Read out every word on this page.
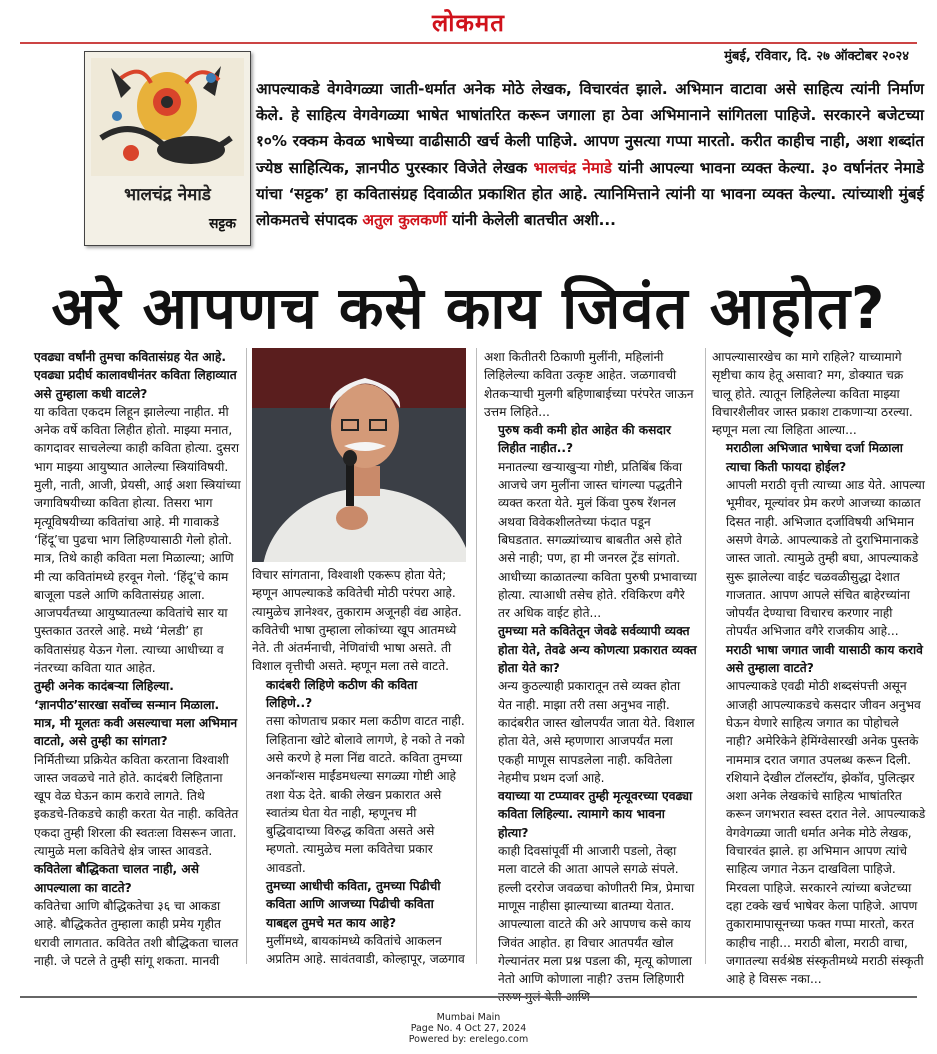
लोकमत
मुंबई, रविवार, दि. २७ ऑक्टोबर २०२४
भालचंद्र नेमाडे
सट्टक
आपल्याकडे वेगवेगळ्या जाती-धर्मात अनेक मोठे लेखक, विचारवंत झाले. अभिमान वाटावा असे साहित्य त्यांनी निर्माण केले. हे साहित्य वेगवेगळ्या भाषेत भाषांतरित करून जगाला हा ठेवा अभिमानाने सांगितला पाहिजे. सरकारने बजेटच्या १०% रक्कम केवळ भाषेच्या वाढीसाठी खर्च केली पाहिजे. आपण नुसत्या गप्पा मारतो. करीत काहीच नाही, अशा शब्दांत ज्येष्ठ साहित्यिक, ज्ञानपीठ पुरस्कार विजेते लेखक भालचंद्र नेमाडे यांनी आपल्या भावना व्यक्त केल्या. ३० वर्षानंतर नेमाडे यांचा ‘सट्टक’ हा कवितासंग्रह दिवाळीत प्रकाशित होत आहे. त्यानिमित्ताने त्यांनी या भावना व्यक्त केल्या. त्यांच्याशी मुंबई लोकमतचे संपादक अतुल कुलकर्णी यांनी केलेली बातचीत अशी...
अरे आपणच कसे काय जिवंत आहोत?

एवढ्या वर्षांनी तुमचा कवितासंग्रह येत आहे. एवढ्या प्रदीर्घ कालावधीनंतर कविता लिहाव्यात असे तुम्हाला कधी वाटले?

या कविता एकदम लिहून झालेल्या नाहीत. मी अनेक वर्षे कविता लिहीत होतो. माझ्या मनात, कागदावर साचलेल्या काही कविता होत्या. दुसरा भाग माझ्या आयुष्यात आलेल्या स्त्रियांविषयी. मुली, नाती, आजी, प्रेयसी, आई अशा स्त्रियांच्या जगाविषयीच्या कविता होत्या. तिसरा भाग मृत्यूविषयीच्या कवितांचा आहे. मी गावाकडे ‘हिंदू’चा पुढचा भाग लिहिण्यासाठी गेलो होतो. मात्र, तिथे काही कविता मला मिळाल्या; आणि मी त्या कवितांमध्ये हरवून गेलो. ‘हिंदू’चे काम बाजूला पडले आणि कवितासंग्रह आला. आजपर्यंतच्या आयुष्यातल्या कवितांचे सार या पुस्तकात उतरले आहे. मध्ये ‘मेलडी’ हा कवितासंग्रह येऊन गेला. त्याच्या आधीच्या व नंतरच्या कविता यात आहेत.

तुम्ही अनेक कादंबऱ्या लिहिल्या. ‘ज्ञानपीठ’सारखा सर्वोच्च सन्मान मिळाला. मात्र, मी मूलतः कवी असल्याचा मला अभिमान वाटतो, असे तुम्ही का सांगता?

निर्मितीच्या प्रक्रियेत कविता करताना विश्वाशी जास्त जवळचे नाते होते. कादंबरी लिहिताना खूप वेळ घेऊन काम करावे लागते. तिथे इकडचे-तिकडचे काही करता येत नाही. कवितेत एकदा तुम्ही शिरला की स्वतःला विसरून जाता. त्यामुळे मला कवितेचे क्षेत्र जास्त आवडते.

कवितेला बौद्धिकता चालत नाही, असे आपल्याला का वाटते?

कवितेचा आणि बौद्धिकतेचा ३६ चा आकडा आहे. बौद्धिकतेत तुम्हाला काही प्रमेय गृहीत धरावी लागतात. कवितेत तशी बौद्धिकता चालत नाही. जे पटले ते तुम्ही सांगू शकता. मानवी

विचार सांगताना, विश्वाशी एकरूप होता येते; म्हणून आपल्याकडे कवितेची मोठी परंपरा आहे. त्यामुळेच ज्ञानेश्वर, तुकाराम अजूनही वंद्य आहेत. कवितेची भाषा तुम्हाला लोकांच्या खूप आतमध्ये नेते. ती अंतर्मनाची, नेणिवांची भाषा असते. ती विशाल वृत्तीची असते. म्हणून मला तसे वाटते.

कादंबरी लिहिणे कठीण की कविता लिहिणे..?

तसा कोणताच प्रकार मला कठीण वाटत नाही. लिहिताना खोटे बोलावे लागणे, हे नको ते नको असे करणे हे मला निंद्य वाटते. कविता तुमच्या अनकॉन्शस माईंडमधल्या सगळ्या गोष्टी आहे तशा येऊ देते. बाकी लेखन प्रकारात असे स्वातंत्र्य घेता येत नाही, म्हणूनच मी बुद्धिवादाच्या विरुद्ध कविता असते असे म्हणतो. त्यामुळेच मला कवितेचा प्रकार आवडतो.

तुमच्या आधीची कविता, तुमच्या पिढीची कविता आणि आजच्या पिढीची कविता याबद्दल तुमचे मत काय आहे?

मुलींमध्ये, बायकांमध्ये कवितांचे आकलन अप्रतिम आहे. सावंतवाडी, कोल्हापूर, जळगाव

अशा कितीतरी ठिकाणी मुलींनी, महिलांनी लिहिलेल्या कविता उत्कृष्ट आहेत. जळगावची शेतकऱ्याची मुलगी बहिणाबाईच्या परंपरेत जाऊन उत्तम लिहिते...

पुरुष कवी कमी होत आहेत की कसदार लिहीत नाहीत..?

मनातल्या खऱ्याखुऱ्या गोष्टी, प्रतिबिंब किंवा आजचे जग मुलींना जास्त चांगल्या पद्धतीने व्यक्त करता येते. मुलं किंवा पुरुष रॅशनल अथवा विवेकशीलतेच्या फंदात पडून बिघडतात. सगळ्यांच्याच बाबतीत असे होते असे नाही; पण, हा मी जनरल ट्रेंड सांगतो. आधीच्या काळातल्या कविता पुरुषी प्रभावाच्या होत्या. त्याआधी तसेच होते. रविकिरण वगैरे तर अधिक वाईट होते...

तुमच्या मते कवितेतून जेवढे सर्वव्यापी व्यक्त होता येते, तेवढे अन्य कोणत्या प्रकारात व्यक्त होता येते का?

अन्य कुठल्याही प्रकारातून तसे व्यक्त होता येत नाही. माझा तरी तसा अनुभव नाही. कादंबरीत जास्त खोलपर्यंत जाता येते. विशाल होता येते, असे म्हणणारा आजपर्यंत मला एकही माणूस सापडलेला नाही. कवितेला नेहमीच प्रथम दर्जा आहे.

वयाच्या या टप्प्यावर तुम्ही मृत्यूवरच्या एवढ्या कविता लिहिल्या. त्यामागे काय भावना होत्या?

काही दिवसांपूर्वी मी आजारी पडलो, तेव्हा मला वाटले की आता आपले सगळे संपले. हल्ली दररोज जवळचा कोणीतरी मित्र, प्रेमाचा माणूस नाहीसा झाल्याच्या बातम्या येतात. आपल्याला वाटते की अरे आपणच कसे काय जिवंत आहोत. हा विचार आतपर्यंत खोल गेल्यानंतर मला प्रश्न पडला की, मृत्यू कोणाला नेतो आणि कोणाला नाही? उत्तम लिहिणारी तरुण मुलं येती आणि

आपल्यासारखेच का मागे राहिले? याच्यामागे सृष्टीचा काय हेतू असावा? मग, डोक्यात चक्र चालू होते. त्यातून लिहिलेल्या कविता माझ्या विचारशैलीवर जास्त प्रकाश टाकणाऱ्या ठरल्या. म्हणून मला त्या लिहिता आल्या...

मराठीला अभिजात भाषेचा दर्जा मिळाला त्याचा किती फायदा होईल?

आपली मराठी वृत्ती त्याच्या आड येते. आपल्या भूमीवर, मूल्यांवर प्रेम करणे आजच्या काळात दिसत नाही. अभिजात दर्जाविषयी अभिमान असणे वेगळे. आपल्याकडे तो दुराभिमानाकडे जास्त जातो. त्यामुळे तुम्ही बघा, आपल्याकडे सुरू झालेल्या वाईट चळवळीसुद्धा देशात गाजतात. आपण आपले संचित बाहेरच्यांना जोपर्यंत देण्याचा विचारच करणार नाही तोपर्यंत अभिजात वगैरे राजकीय आहे...

मराठी भाषा जगात जावी यासाठी काय करावे असे तुम्हाला वाटते?

आपल्याकडे एवढी मोठी शब्दसंपत्ती असून आजही आपल्याकडचे कसदार जीवन अनुभव घेऊन येणारे साहित्य जगात का पोहोचले नाही? अमेरिकेने हेमिंग्वेसारखी अनेक पुस्तके नाममात्र दरात जगात उपलब्ध करून दिली. रशियाने देखील टॉलस्टॉय, झेकॉव, पुलित्झर अशा अनेक लेखकांचे साहित्य भाषांतरित करून जगभरात स्वस्त दरात नेले. आपल्याकडे वेगवेगळ्या जाती धर्मात अनेक मोठे लेखक, विचारवंत झाले. हा अभिमान आपण त्यांचे साहित्य जगात नेऊन दाखविला पाहिजे. मिरवला पाहिजे. सरकारने त्यांच्या बजेटच्या दहा टक्के खर्च भाषेवर केला पाहिजे. आपण तुकारामापासूनच्या फक्त गप्पा मारतो, करत काहीच नाही... मराठी बोला, मराठी वाचा, जगातल्या सर्वश्रेष्ठ संस्कृतीमध्ये मराठी संस्कृती आहे हे विसरू नका...

Mumbai Main
Page No. 4 Oct 27, 2024
Powered by: erelego.com
